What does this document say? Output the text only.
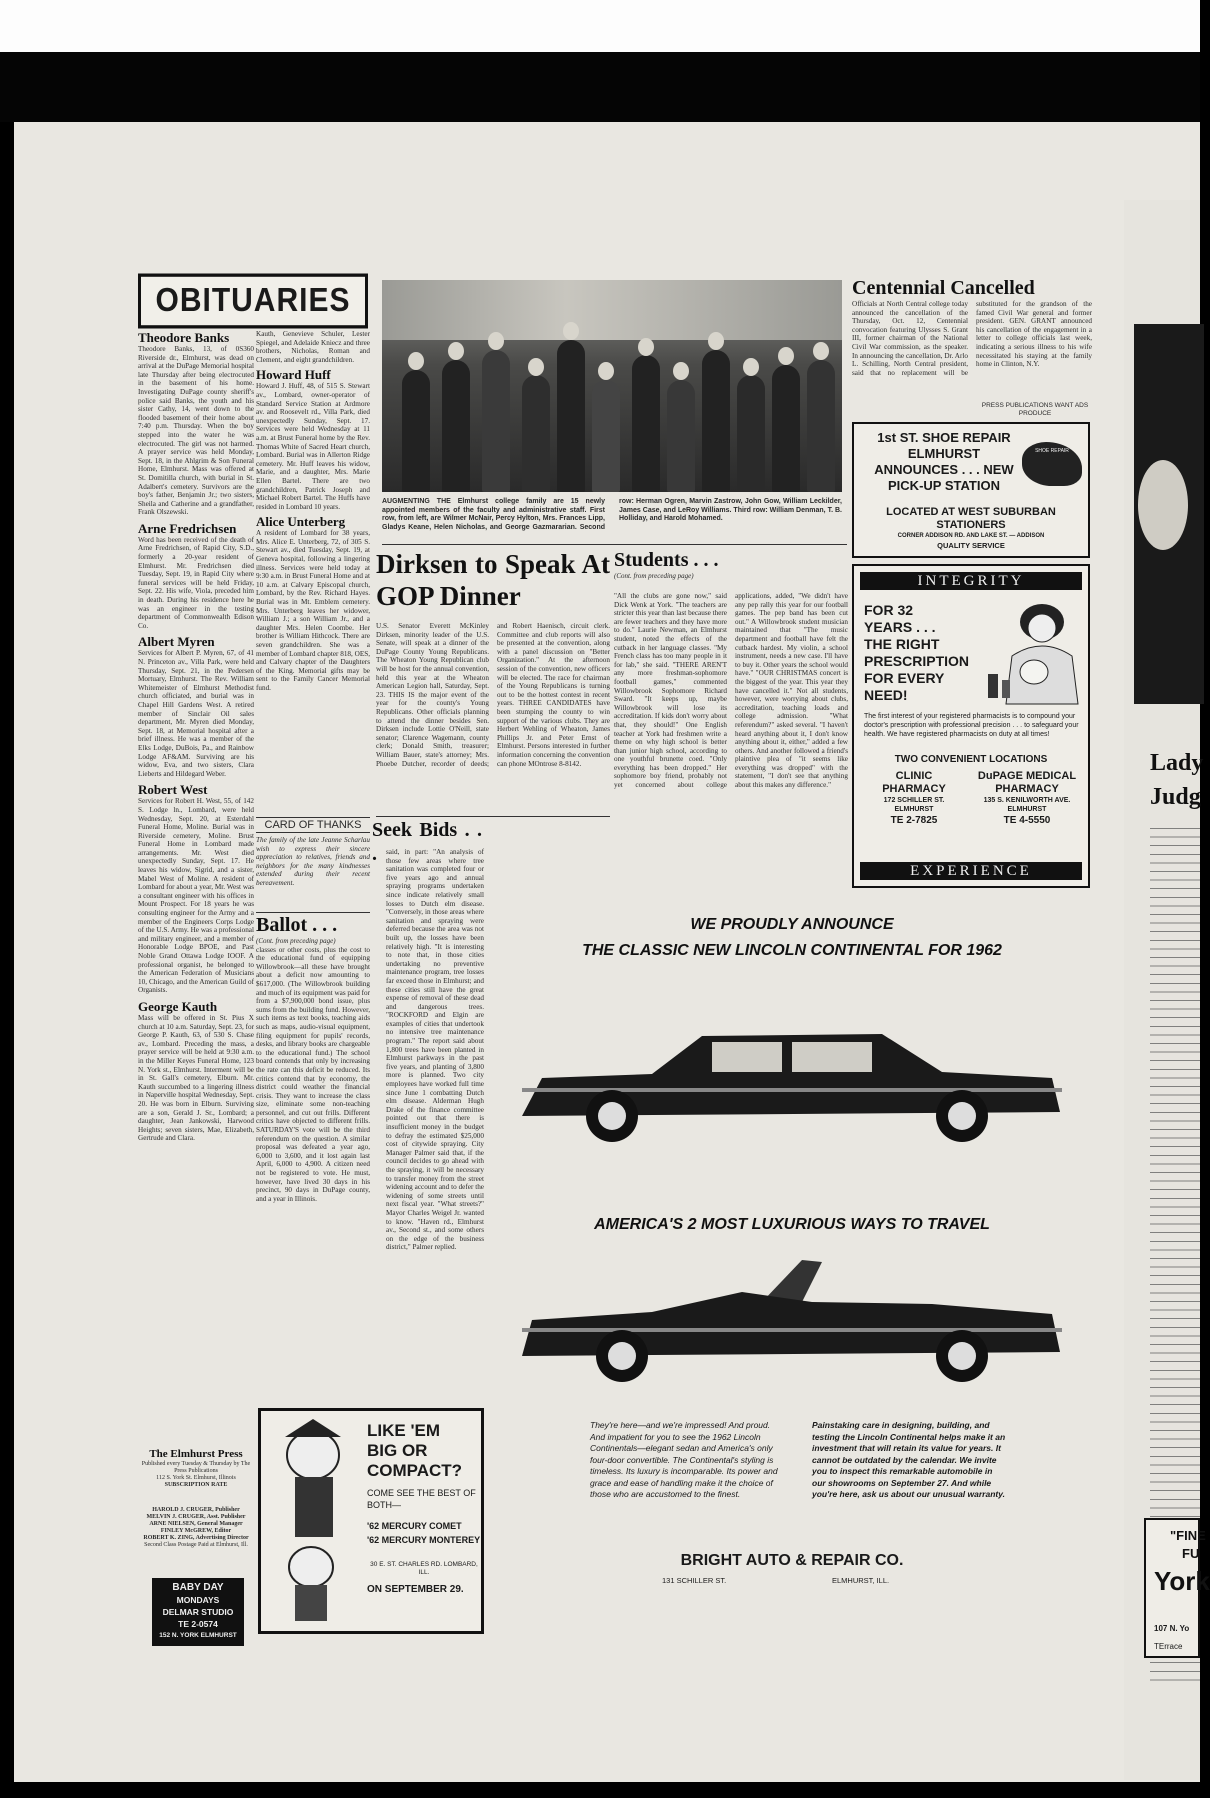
OBITUARIES
Theodore Banks
Theodore Banks, 13, of 0S360 Riverside dr., Elmhurst, was dead on arrival at the DuPage Memorial hospital late Thursday after being electrocuted in the basement of his home. Investigating DuPage county sheriff's police said Banks, the youth and his sister Cathy, 14, went down to the flooded basement of their home about 7:40 p.m. Thursday. When the boy stepped into the water he was electrocuted. The girl was not harmed. A prayer service was held Monday, Sept. 18, in the Ahlgrim & Son Funeral Home, Elmhurst. Mass was offered at St. Domitilla church, with burial in St. Adalbert's cemetery. Survivors are the boy's father, Benjamin Jr.; two sisters, Sheila and Catherine and a grandfather, Frank Olszewski.
Arne Fredrichsen
Word has been received of the death of Arne Fredrichsen, of Rapid City, S.D., formerly a 20-year resident of Elmhurst. Mr. Fredrichsen died Tuesday, Sept. 19, in Rapid City where funeral services will be held Friday, Sept. 22. His wife, Viola, preceded him in death. During his residence here he was an engineer in the testing department of Commonwealth Edison Co.
Albert Myren
Services for Albert P. Myren, 67, of 41 N. Princeton av., Villa Park, were held Thursday, Sept. 21, in the Pedersen Mortuary, Elmhurst. The Rev. William Whitemeister of Elmhurst Methodist church officiated, and burial was in Chapel Hill Gardens West. A retired member of Sinclair Oil sales department, Mr. Myren died Monday, Sept. 18, at Memorial hospital after a brief illness. He was a member of the Elks Lodge, DuBois, Pa., and Rainbow Lodge AF&AM. Surviving are his widow, Eva, and two sisters, Clara Lieberts and Hildegard Weber.
Robert West
Services for Robert H. West, 55, of 142 S. Lodge ln., Lombard, were held Wednesday, Sept. 20, at Esterdahl Funeral Home, Moline. Burial was in Riverside cemetery, Moline. Brust Funeral Home in Lombard made arrangements. Mr. West died unexpectedly Sunday, Sept. 17. He leaves his widow, Sigrid, and a sister, Mabel West of Moline. A resident of Lombard for about a year, Mr. West was a consultant engineer with his offices in Mount Prospect. For 18 years he was consulting engineer for the Army and a member of the Engineers Corps Lodge of the U.S. Army. He was a professional and military engineer, and a member of Honorable Lodge BPOE, and Past Noble Grand Ottawa Lodge IOOF. A professional organist, he belonged to the American Federation of Musicians 10, Chicago, and the American Guild of Organists.
George Kauth
Mass will be offered in St. Pius X church at 10 a.m. Saturday, Sept. 23, for George P. Kauth, 63, of 530 S. Chase av., Lombard. Preceding the mass, a prayer service will be held at 9:30 a.m. in the Miller Keyes Funeral Home, 123 N. York st., Elmhurst. Interment will be in St. Gall's cemetery, Elburn. Mr. Kauth succumbed to a lingering illness in Naperville hospital Wednesday, Sept. 20. He was born in Elburn. Surviving are a son, Gerald J. Sr., Lombard; a daughter, Jean Jankowski, Harwood Heights; seven sisters, Mae, Elizabeth, Gertrude and Clara.
The Elmhurst Press
Published every Tuesday & Thursday by The Press Publications
112 S. York St. Elmhurst, Illinois
SUBSCRIPTION RATE
HAROLD J. CRUGER, Publisher
MELVIN J. CRUGER, Asst. Publisher
ARNE NIELSEN, General Manager
FINLEY McGREW, Editor
ROBERT K. ZING, Advertising Director
Second Class Postage Paid at Elmhurst, Ill.
BABY DAY
MONDAYS
DELMAR STUDIO
TE 2-0574
152 N. YORK ELMHURST
Kauth, Genevieve Schuler, Lester Spiegel, and Adelaide Kniecz and three brothers, Nicholas, Roman and Clement, and eight grandchildren.
Howard Huff
Howard J. Huff, 48, of 515 S. Stewart av., Lombard, owner-operator of Standard Service Station at Ardmore av. and Roosevelt rd., Villa Park, died unexpectedly Sunday, Sept. 17. Services were held Wednesday at 11 a.m. at Brust Funeral home by the Rev. Thomas White of Sacred Heart church, Lombard. Burial was in Allerton Ridge cemetery. Mr. Huff leaves his widow, Marie, and a daughter, Mrs. Marie Ellen Bartel. There are two grandchildren, Patrick Joseph and Michael Robert Bartel. The Huffs have resided in Lombard 10 years.
Alice Unterberg
A resident of Lombard for 38 years, Mrs. Alice E. Unterberg, 72, of 305 S. Stewart av., died Tuesday, Sept. 19, at Geneva hospital, following a lingering illness. Services were held today at 9:30 a.m. in Brust Funeral Home and at 10 a.m. at Calvary Episcopal church, Lombard, by the Rev. Richard Hayes. Burial was in Mt. Emblem cemetery. Mrs. Unterberg leaves her widower, William J.; a son William Jr., and a daughter Mrs. Helen Coombe. Her brother is William Hithcock. There are seven grandchildren. She was a member of Lombard chapter 818, OES, and Calvary chapter of the Daughters of the King. Memorial gifts may be sent to the Family Cancer Memorial fund.
CARD OF THANKS
The family of the late Jeanne Scharlau wish to express their sincere appreciation to relatives, friends and neighbors for the many kindnesses extended during their recent bereavement.
Ballot . . .
(Cont. from preceding page)
classes or other costs, plus the cost to the educational fund of equipping Willowbrook—all these have brought about a deficit now amounting to $617,000. (The Willowbrook building and much of its equipment was paid for from a $7,900,000 bond issue, plus sums from the building fund. However, such items as text books, teaching aids such as maps, audio-visual equipment, filing equipment for pupils' records, desks, and library books are chargeable to the educational fund.) The school board contends that only by increasing the rate can this deficit be reduced. Its critics contend that by economy, the district could weather the financial crisis. They want to increase the class size, eliminate some non-teaching personnel, and cut out frills. Different critics have objected to different frills. SATURDAY'S vote will be the third referendum on the question. A similar proposal was defeated a year ago, 6,000 to 3,600, and it lost again last April, 6,000 to 4,900. A citizen need not be registered to vote. He must, however, have lived 30 days in his precinct, 90 days in DuPage county, and a year in Illinois.
AUGMENTING THE Elmhurst college family are 15 newly appointed members of the faculty and administrative staff. First row, from left, are Wilmer McNair, Percy Hylton, Mrs. Frances Lipp, Gladys Keane, Helen Nicholas, and George Gazmararian. Second row: Herman Ogren, Marvin Zastrow, John Gow, William Leckilder, James Case, and LeRoy Williams. Third row: William Denman, T. B. Holliday, and Harold Mohamed.
Dirksen to Speak At GOP Dinner
U.S. Senator Everett McKinley Dirksen, minority leader of the U.S. Senate, will speak at a dinner of the DuPage County Young Republicans. The Wheaton Young Republican club will be host for the annual convention, held this year at the Wheaton American Legion hall, Saturday, Sept. 23. THIS IS the major event of the year for the county's Young Republicans. Other officials planning to attend the dinner besides Sen. Dirksen include Lottie O'Neill, state senator; Clarence Wagemann, county clerk; Donald Smith, treasurer; William Bauer, state's attorney; Mrs. Phoebe Dutcher, recorder of deeds; and Robert Haenisch, circuit clerk. Committee and club reports will also be presented at the convention, along with a panel discussion on "Better Organization." At the afternoon session of the convention, new officers will be elected. The race for chairman of the Young Republicans is turning out to be the hottest contest in recent years. THREE CANDIDATES have been stumping the county to win support of the various clubs. They are Herbert Wehling of Wheaton, James Phillips Jr. and Peter Ernst of Elmhurst. Persons interested in further information concerning the convention can phone MOntrose 8-8142.
Seek Bids . . .	said, in part: "An analysis of those few areas where tree sanitation was completed four or five years ago and annual spraying programs undertaken since indicate relatively small losses to Dutch elm disease. "Conversely, in those areas where sanitation and spraying were deferred because the area was not built up, the losses have been relatively high. "It is interesting to note that, in those cities undertaking no preventive maintenance program, tree losses far exceed those in Elmhurst; and these cities still have the great expense of removal of these dead and dangerous trees. "ROCKFORD and Elgin are examples of cities that undertook no intensive tree maintenance program." The report said about 1,800 trees have been planted in Elmhurst parkways in the past five years, and planting of 3,800 more is planned. Two city employees have worked full time since June 1 combatting Dutch elm disease. Alderman Hugh Drake of the finance committee pointed out that there is insufficient money in the budget to defray the estimated $25,000 cost of citywide spraying. City Manager Palmer said that, if the council decides to go ahead with the spraying, it will be necessary to transfer money from the street widening account and to defer the widening of some streets until next fiscal year. "What streets?" Mayor Charles Weigel Jr. wanted to know. "Haven rd., Elmhurst av., Second st., and some others on the edge of the business district," Palmer replied.
Students . . .
(Cont. from preceding page)
"All the clubs are gone now," said Dick Wenk at York. "The teachers are stricter this year than last because there are fewer teachers and they have more to do." Laurie Newman, an Elmhurst student, noted the effects of the cutback in her language classes. "My French class has too many people in it for lab," she said. "THERE AREN'T any more freshman-sophomore football games," commented Willowbrook Sophomore Richard Sward. "It keeps up, maybe Willowbrook will lose its accreditation. If kids don't worry about that, they should!" One English teacher at York had freshmen write a theme on why high school is better than junior high school, according to one youthful brunette coed. "Only everything has been dropped." Her sophomore boy friend, probably not yet concerned about college applications, added, "We didn't have any pep rally this year for our football games. The pep band has been cut out." A Willowbrook student musician maintained that "The music department and football have felt the cutback hardest. My violin, a school instrument, needs a new case. I'll have to buy it. Other years the school would have." "OUR CHRISTMAS concert is the biggest of the year. This year they have cancelled it." Not all students, however, were worrying about clubs, accreditation, teaching loads and college admission. "What referendum?" asked several. "I haven't heard anything about it, I don't know anything about it, either," added a few others. And another followed a friend's plaintive plea of "it seems like everything was dropped" with the statement, "I don't see that anything about this makes any difference."
Centennial Cancelled
Officials at North Central college today announced the cancellation of the Thursday, Oct. 12, Centennial convocation featuring Ulysses S. Grant III, former chairman of the National Civil War commission, as the speaker. In announcing the cancellation, Dr. Arlo L. Schilling, North Central president, said that no replacement will be substituted for the grandson of the famed Civil War general and former president. GEN. GRANT announced his cancellation of the engagement in a letter to college officials last week, indicating a serious illness to his wife necessitated his staying at the family home in Clinton, N.Y.
PRESS PUBLICATIONS WANT ADS PRODUCE
1st ST. SHOE REPAIR
ELMHURST
ANNOUNCES . . . NEW
PICK-UP STATION
SHOE REPAIR
LOCATED AT WEST SUBURBAN STATIONERS
CORNER ADDISON RD. AND LAKE ST. — ADDISON
QUALITY SERVICE
INTEGRITY
FOR 32
YEARS . . .
THE RIGHT
PRESCRIPTION
FOR EVERY
NEED!
The first interest of your registered pharmacists is to compound your doctor's prescription with professional precision . . . to safeguard your health. We have registered pharmacists on duty at all times!
TWO CONVENIENT LOCATIONS
CLINIC PHARMACY
172 SCHILLER ST.
ELMHURST
TE 2-7825
DuPAGE MEDICAL PHARMACY
135 S. KENILWORTH AVE.
ELMHURST
TE 4-5550
EXPERIENCE
WE PROUDLY ANNOUNCE
THE CLASSIC NEW LINCOLN CONTINENTAL FOR 1962
AMERICA'S 2 MOST LUXURIOUS WAYS TO TRAVEL
They're here—and we're impressed! And proud. And impatient for you to see the 1962 Lincoln Continentals—elegant sedan and America's only four-door convertible. The Continental's styling is timeless. Its luxury is incomparable. Its power and grace and ease of handling make it the choice of those who are accustomed to the finest.
Painstaking care in designing, building, and testing the Lincoln Continental helps make it an investment that will retain its value for years. It cannot be outdated by the calendar. We invite you to inspect this remarkable automobile in our showrooms on September 27. And while you're here, ask us about our unusual warranty.
BRIGHT AUTO & REPAIR CO.
131 SCHILLER ST.	ELMHURST, ILL.
LIKE 'EM
BIG OR
COMPACT?
COME SEE THE BEST OF BOTH—
'62 MERCURY COMET
'62 MERCURY MONTEREY
30 E. ST. CHARLES RD. LOMBARD, ILL.
ON SEPTEMBER 29.
Lady
Judg
"FINE
FU
York
107 N. Yo
TErrace
